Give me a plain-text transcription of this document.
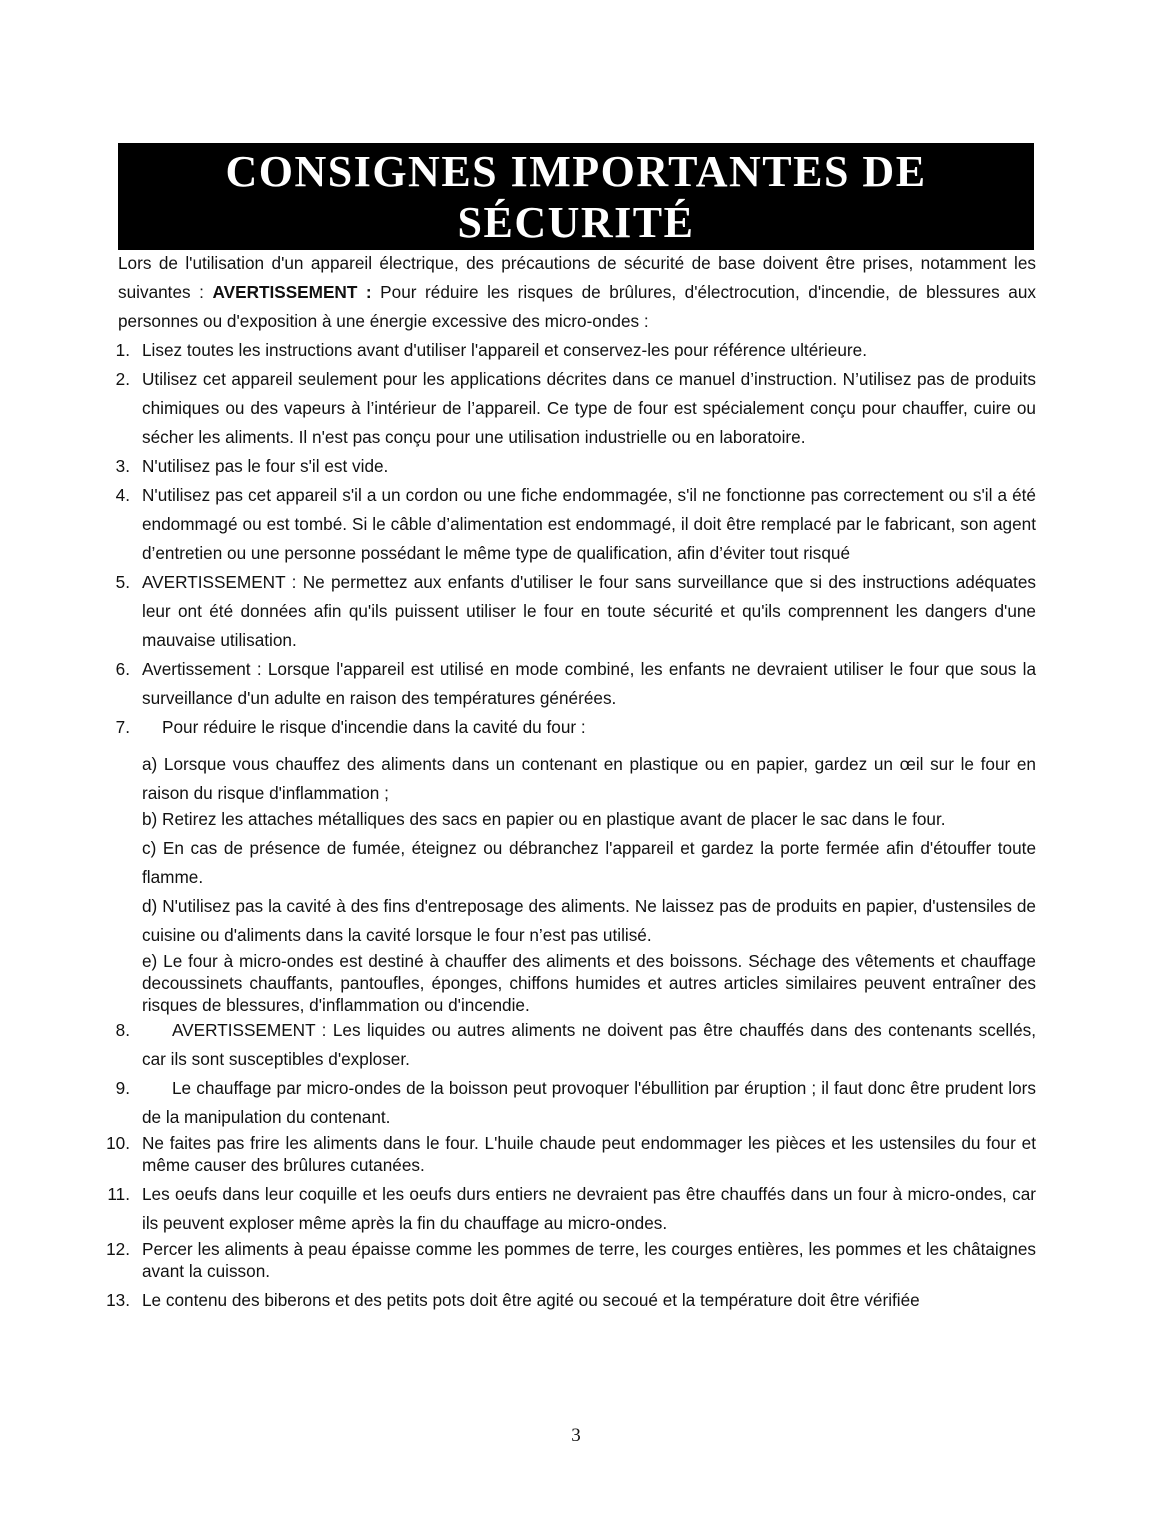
CONSIGNES IMPORTANTES DE
SÉCURITÉ

Lors de l'utilisation d'un appareil électrique, des précautions de sécurité de base doivent être prises, notamment les suivantes : AVERTISSEMENT : Pour réduire les risques de brûlures, d'électrocution, d'incendie, de blessures aux personnes ou d'exposition à une énergie excessive des micro-ondes :

1. Lisez toutes les instructions avant d'utiliser l'appareil et conservez-les pour référence ultérieure.
2. Utilisez cet appareil seulement pour les applications décrites dans ce manuel d’instruction. N’utilisez pas de produits chimiques ou des vapeurs à l’intérieur de l’appareil. Ce type de four est spécialement conçu pour chauffer, cuire ou sécher les aliments. Il n'est pas conçu pour une utilisation industrielle ou en laboratoire.
3. N'utilisez pas le four s'il est vide.
4. N'utilisez pas cet appareil s'il a un cordon ou une fiche endommagée, s'il ne fonctionne pas correctement ou s'il a été endommagé ou est tombé. Si le câble d’alimentation est endommagé, il doit être remplacé par le fabricant, son agent d’entretien ou une personne possédant le même type de qualification, afin d’éviter tout risqué
5. AVERTISSEMENT : Ne permettez aux enfants d'utiliser le four sans surveillance que si des instructions adéquates leur ont été données afin qu'ils puissent utiliser le four en toute sécurité et qu'ils comprennent les dangers d'une mauvaise utilisation.
6. Avertissement : Lorsque l'appareil est utilisé en mode combiné, les enfants ne devraient utiliser le four que sous la surveillance d'un adulte en raison des températures générées.
7. Pour réduire le risque d'incendie dans la cavité du four :
a) Lorsque vous chauffez des aliments dans un contenant en plastique ou en papier, gardez un œil sur le four en raison du risque d'inflammation ;
b) Retirez les attaches métalliques des sacs en papier ou en plastique avant de placer le sac dans le four.
c) En cas de présence de fumée, éteignez ou débranchez l'appareil et gardez la porte fermée afin d'étouffer toute flamme.
d) N'utilisez pas la cavité à des fins d'entreposage des aliments. Ne laissez pas de produits en papier, d'ustensiles de cuisine ou d'aliments dans la cavité lorsque le four n’est pas utilisé.
e) Le four à micro-ondes est destiné à chauffer des aliments et des boissons. Séchage des vêtements et chauffage decoussinets chauffants, pantoufles, éponges, chiffons humides et autres articles similaires peuvent entraîner des risques de blessures, d'inflammation ou d'incendie.
8. AVERTISSEMENT : Les liquides ou autres aliments ne doivent pas être chauffés dans des contenants scellés, car ils sont susceptibles d'exploser.
9. Le chauffage par micro-ondes de la boisson peut provoquer l'ébullition par éruption ; il faut donc être prudent lors de la manipulation du contenant.
10. Ne faites pas frire les aliments dans le four. L'huile chaude peut endommager les pièces et les ustensiles du four et même causer des brûlures cutanées.
11. Les oeufs dans leur coquille et les oeufs durs entiers ne devraient pas être chauffés dans un four à micro-ondes, car ils peuvent exploser même après la fin du chauffage au micro-ondes.
12. Percer les aliments à peau épaisse comme les pommes de terre, les courges entières, les pommes et les châtaignes avant la cuisson.
13. Le contenu des biberons et des petits pots doit être agité ou secoué et la température doit être vérifiée
3
